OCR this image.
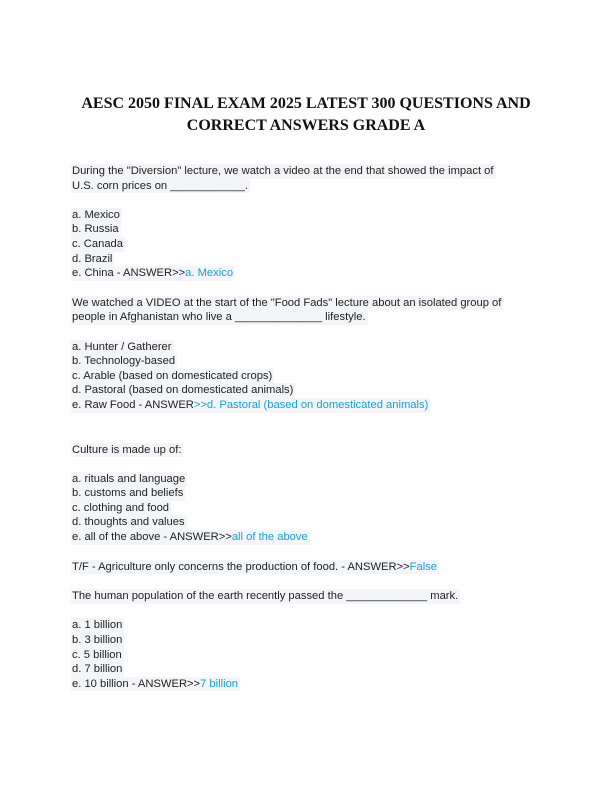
AESC 2050 FINAL EXAM 2025 LATEST 300 QUESTIONS AND
CORRECT ANSWERS GRADE A
During the "Diversion" lecture, we watch a video at the end that showed the impact of
U.S. corn prices on ____________.
a. Mexico
b. Russia
c. Canada
d. Brazil
e. China - ANSWER>>a. Mexico
We watched a VIDEO at the start of the "Food Fads" lecture about an isolated group of
people in Afghanistan who live a ______________ lifestyle.
a. Hunter / Gatherer
b. Technology-based
c. Arable (based on domesticated crops)
d. Pastoral (based on domesticated animals)
e. Raw Food - ANSWER>>d. Pastoral (based on domesticated animals)
Culture is made up of:
a. rituals and language
b. customs and beliefs
c. clothing and food
d. thoughts and values
e. all of the above - ANSWER>>all of the above
T/F - Agriculture only concerns the production of food. - ANSWER>>False
The human population of the earth recently passed the _____________ mark.
a. 1 billion
b. 3 billion
c. 5 billion
d. 7 billion
e. 10 billion - ANSWER>>7 billion
